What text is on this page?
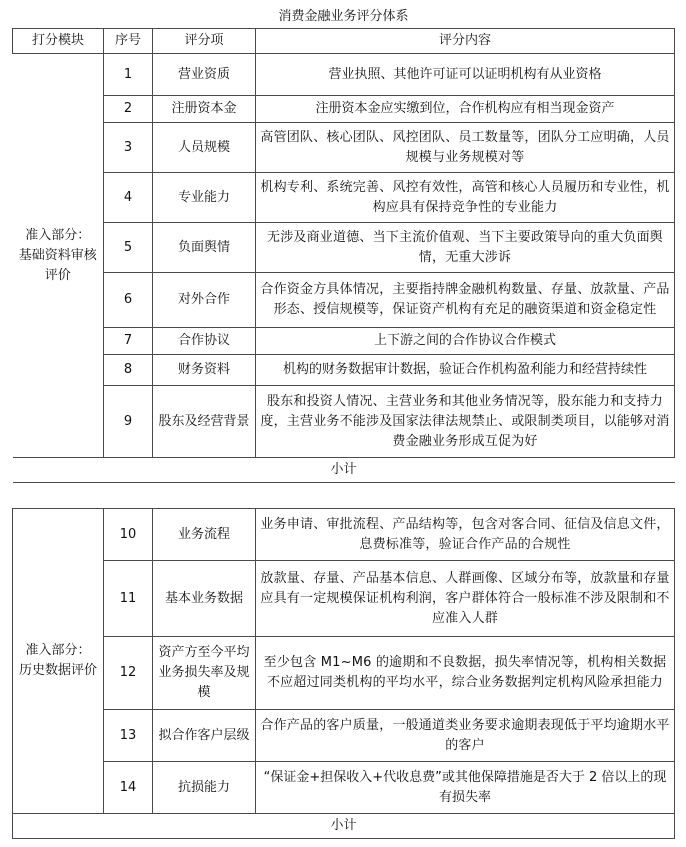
消费金融业务评分体系			
打分模块	序号	评分项	评分内容
准入部分：
基础资料审核
评价	1	营业资质	营业执照、其他许可证可以证明机构有从业资格
	2	注册资本金	注册资本金应实缴到位，合作机构应有相当现金资产
	3	人员规模	高管团队、核心团队、风控团队、员工数量等，团队分工应明确，人员规模与业务规模对等
	4	专业能力	机构专利、系统完善、风控有效性，高管和核心人员履历和专业性，机构应具有保持竞争性的专业能力
	5	负面舆情	无涉及商业道德、当下主流价值观、当下主要政策导向的重大负面舆情，无重大涉诉
	6	对外合作	合作资金方具体情况，主要指持牌金融机构数量、存量、放款量、产品形态、授信规模等，保证资产机构有充足的融资渠道和资金稳定性
	7	合作协议	上下游之间的合作协议合作模式
	8	财务资料	机构的财务数据审计数据，验证合作机构盈利能力和经营持续性
	9	股东及经营背景	股东和投资人情况、主营业务和其他业务情况等，股东能力和支持力度，主营业务不能涉及国家法律法规禁止、或限制类项目，以能够对消费金融业务形成互促为好
小计			
准入部分：
历史数据评价	10	业务流程	业务申请、审批流程、产品结构等，包含对客合同、征信及信息文件，息费标准等，验证合作产品的合规性
	11	基本业务数据	放款量、存量、产品基本信息、人群画像、区域分布等，放款量和存量应具有一定规模保证机构利润，客户群体符合一般标准不涉及限制和不应准入人群
	12	资产方至今平均业务损失率及规模	至少包含 M1~M6 的逾期和不良数据，损失率情况等，机构相关数据不应超过同类机构的平均水平，综合业务数据判定机构风险承担能力
	13	拟合作客户层级	合作产品的客户质量，一般通道类业务要求逾期表现低于平均逾期水平的客户
	14	抗损能力	“保证金+担保收入+代收息费”或其他保障措施是否大于 2 倍以上的现有损失率
小计			
